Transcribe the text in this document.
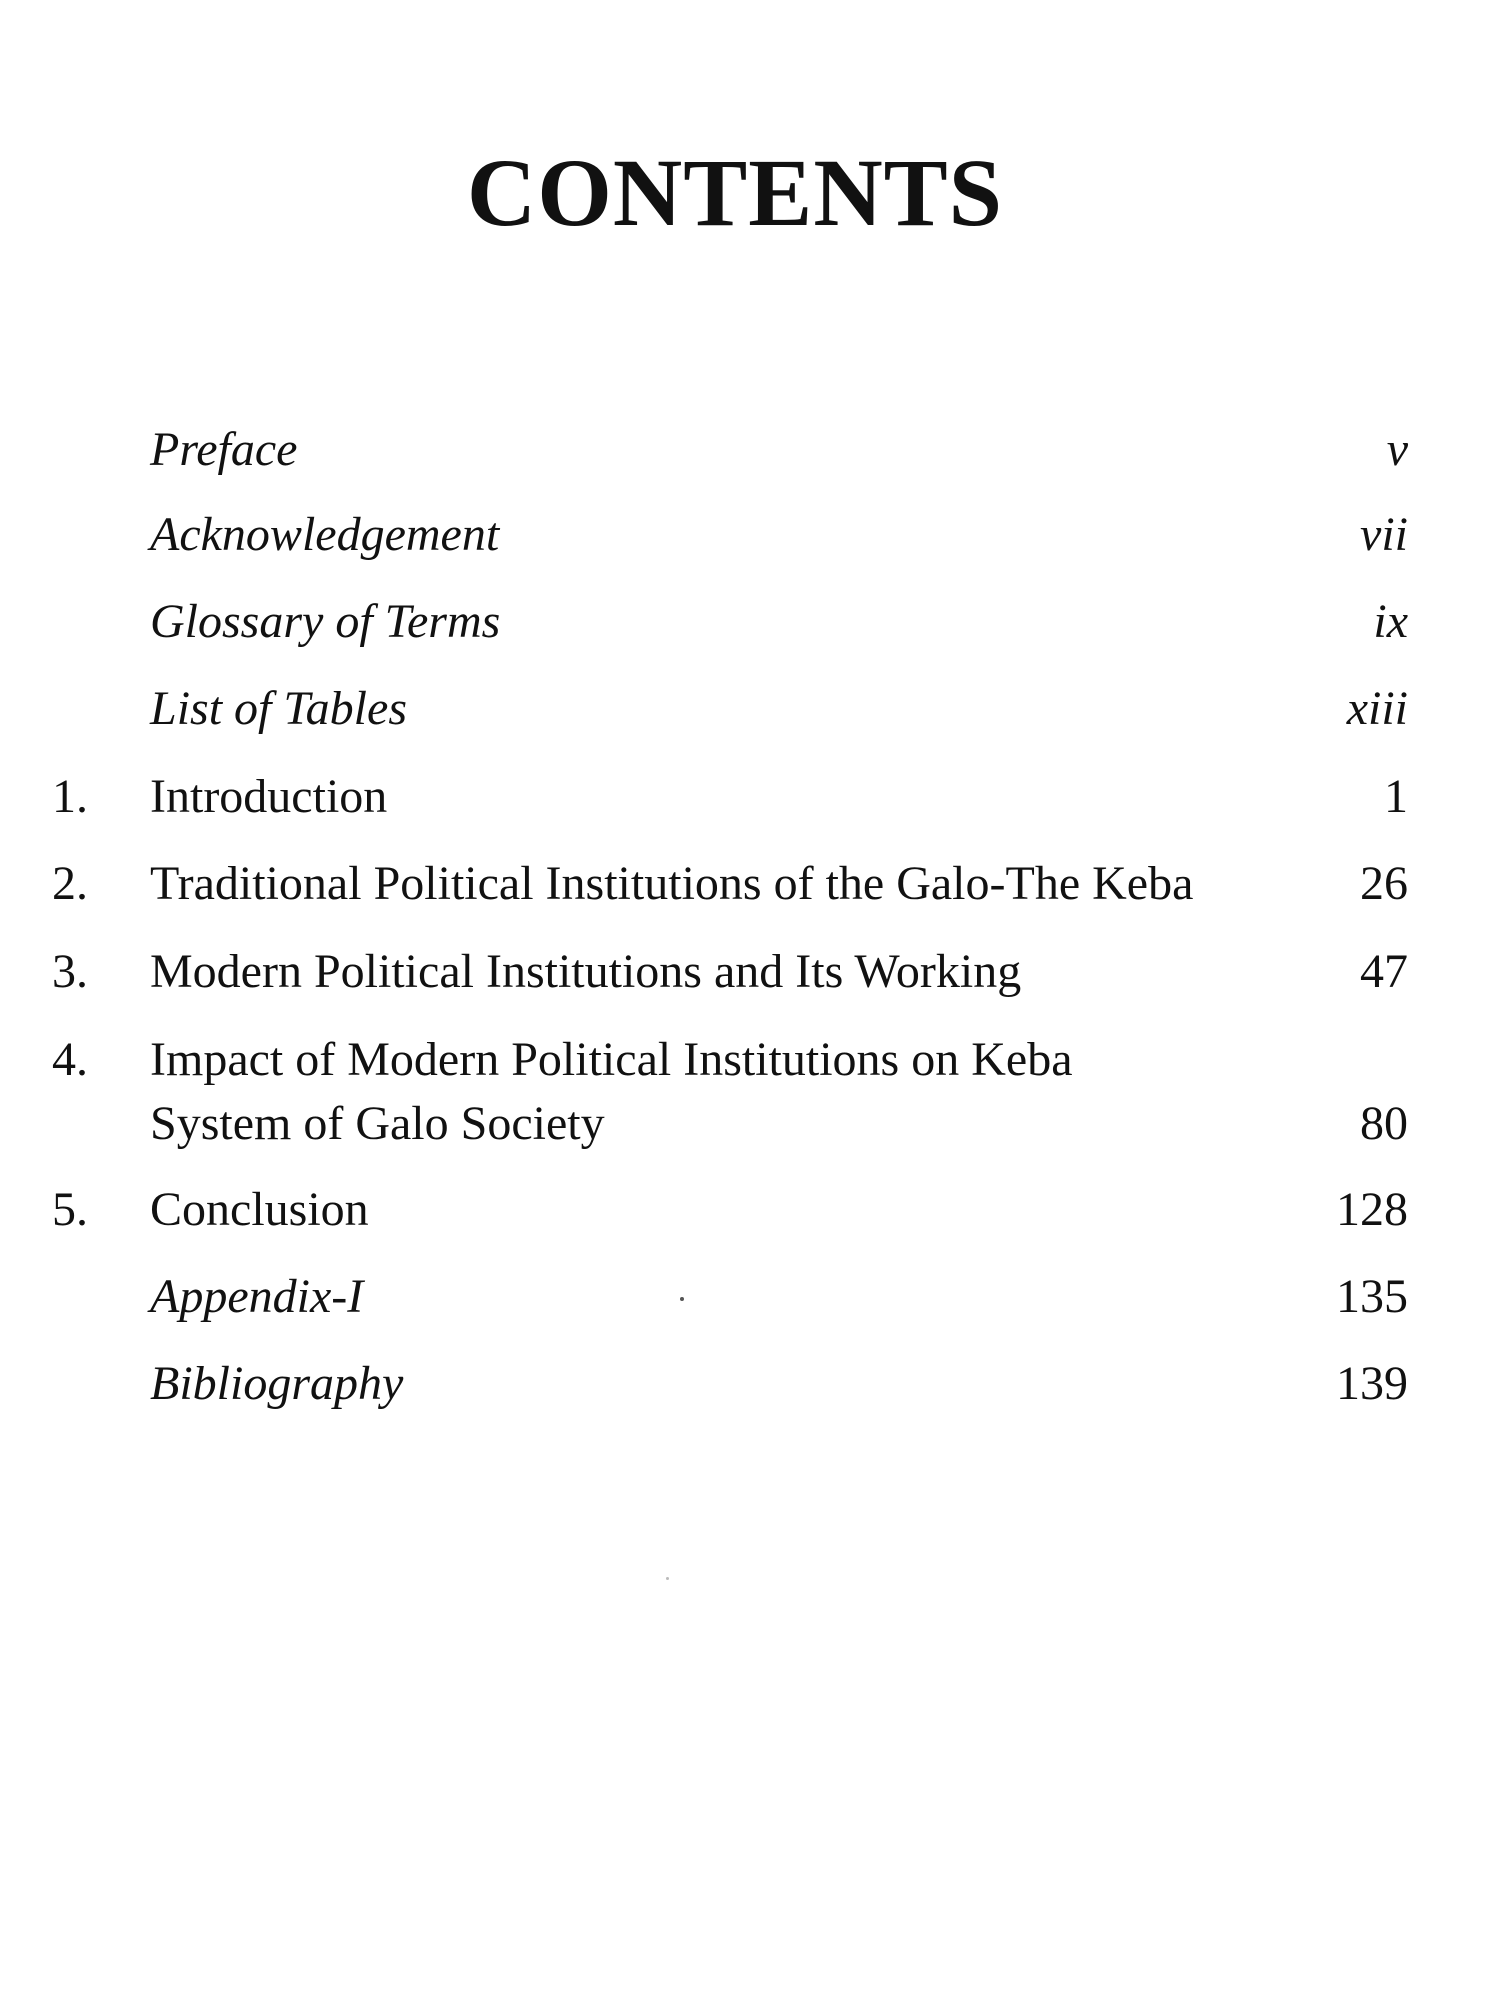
CONTENTS
Preface	v
Acknowledgement	vii
Glossary of Terms	ix
List of Tables	xiii
1. Introduction	1
2. Traditional Political Institutions of the Galo-The Keba	26
3. Modern Political Institutions and Its Working	47
4. Impact of Modern Political Institutions on Keba
System of Galo Society	80
5. Conclusion	128
Appendix-I	135
Bibliography	139
